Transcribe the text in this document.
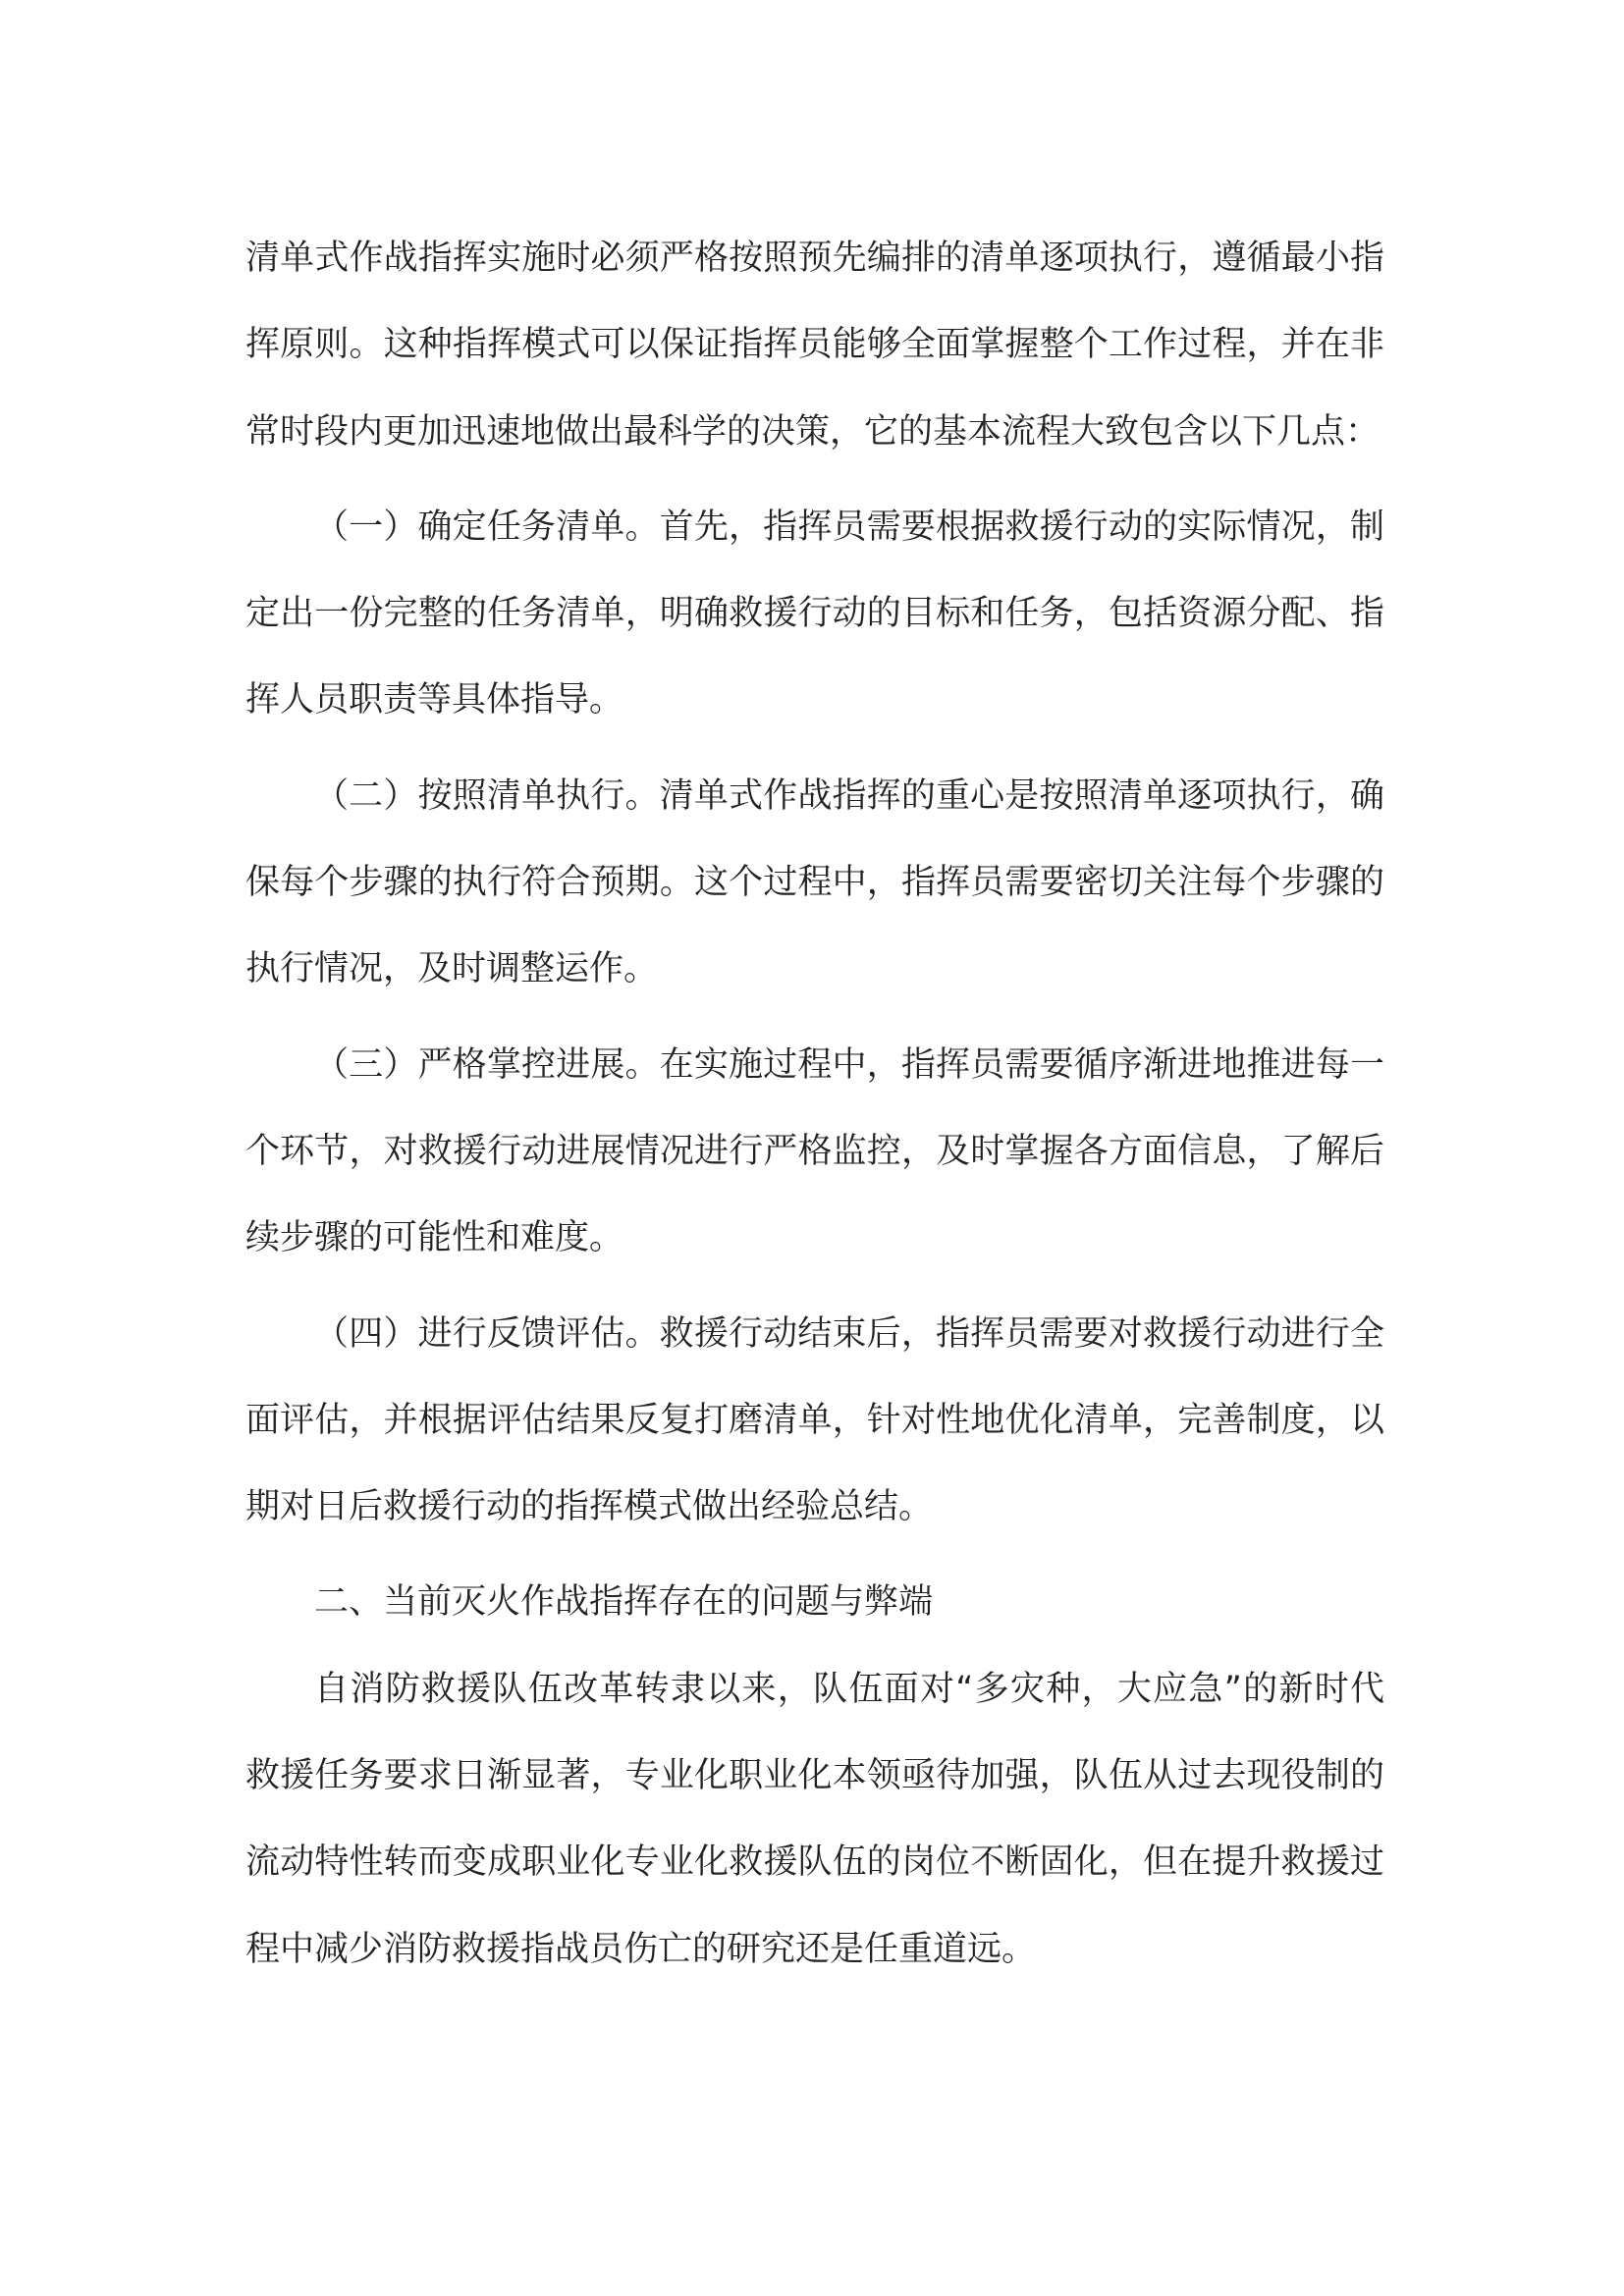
清单式作战指挥实施时必须严格按照预先编排的清单逐项执行，遵循最小指
挥原则。这种指挥模式可以保证指挥员能够全面掌握整个工作过程，并在非
常时段内更加迅速地做出最科学的决策，它的基本流程大致包含以下几点：
（一）确定任务清单。首先，指挥员需要根据救援行动的实际情况，制
定出一份完整的任务清单，明确救援行动的目标和任务，包括资源分配、指
挥人员职责等具体指导。
（二）按照清单执行。清单式作战指挥的重心是按照清单逐项执行，确
保每个步骤的执行符合预期。这个过程中，指挥员需要密切关注每个步骤的
执行情况，及时调整运作。
（三）严格掌控进展。在实施过程中，指挥员需要循序渐进地推进每一
个环节，对救援行动进展情况进行严格监控，及时掌握各方面信息，了解后
续步骤的可能性和难度。
（四）进行反馈评估。救援行动结束后，指挥员需要对救援行动进行全
面评估，并根据评估结果反复打磨清单，针对性地优化清单，完善制度，以
期对日后救援行动的指挥模式做出经验总结。
二、当前灭火作战指挥存在的问题与弊端
自消防救援队伍改革转隶以来，队伍面对“多灾种，大应急”的新时代
救援任务要求日渐显著，专业化职业化本领亟待加强，队伍从过去现役制的
流动特性转而变成职业化专业化救援队伍的岗位不断固化，但在提升救援过
程中减少消防救援指战员伤亡的研究还是任重道远。
